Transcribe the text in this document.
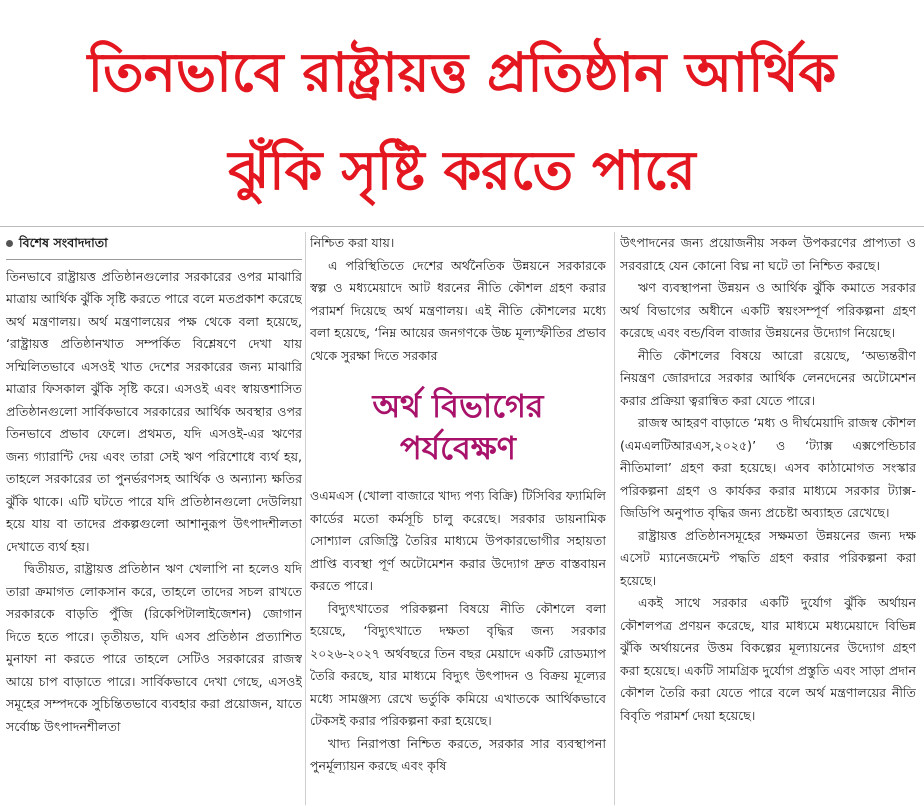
তিনভাবে রাষ্ট্রায়ত্ত প্রতিষ্ঠান আর্থিক
ঝুঁকি সৃষ্টি করতে পারে
বিশেষ সংবাদদাতা

তিনভাবে রাষ্ট্রায়ত্ত প্রতিষ্ঠানগুলোর সরকারের ওপর মাঝারি মাত্রায় আর্থিক ঝুঁকি সৃষ্টি করতে পারে বলে মতপ্রকাশ করেছে অর্থ মন্ত্রণালয়। অর্থ মন্ত্রণালয়ের পক্ষ থেকে বলা হয়েছে, ‘রাষ্ট্রায়ত্ত প্রতিষ্ঠানখাত সম্পর্কিত বিশ্লেষণে দেখা যায় সম্মিলিতভাবে এসওই খাত দেশের সরকারের জন্য মাঝারি মাত্রার ফিসকাল ঝুঁকি সৃষ্টি করে। এসওই এবং স্বায়ত্তশাসিত প্রতিষ্ঠানগুলো সার্বিকভাবে সরকারের আর্থিক অবস্থার ওপর তিনভাবে প্রভাব ফেলে। প্রথমত, যদি এসওই-এর ঋণের জন্য গ্যারান্টি দেয় এবং তারা সেই ঋণ পরিশোধে ব্যর্থ হয়, তাহলে সরকারের তা পুনর্ভরণসহ আর্থিক ও অন্যান্য ক্ষতির ঝুঁকি থাকে। এটি ঘটতে পারে যদি প্রতিষ্ঠানগুলো দেউলিয়া হয়ে যায় বা তাদের প্রকল্পগুলো আশানুরূপ উৎপাদশীলতা দেখাতে ব্যর্থ হয়।

দ্বিতীয়ত, রাষ্ট্রায়ত্ত প্রতিষ্ঠান ঋণ খেলাপি না হলেও যদি তারা ক্রমাগত লোকসান করে, তাহলে তাদের সচল রাখতে সরকারকে বাড়তি পুঁজি (রিকেপিটালাইজেশন) জোগান দিতে হতে পারে। তৃতীয়ত, যদি এসব প্রতিষ্ঠান প্রত্যাশিত মুনাফা না করতে পারে তাহলে সেটিও সরকারের রাজস্ব আয়ে চাপ বাড়াতে পারে। সার্বিকভাবে দেখা গেছে, এসওই সমূহের সম্পদকে সুচিন্তিতভাবে ব্যবহার করা প্রয়োজন, যাতে সর্বোচ্চ উৎপাদনশীলতা

নিশ্চিত করা যায়।

এ পরিস্থিতিতে দেশের অর্থনৈতিক উন্নয়নে সরকারকে স্বল্প ও মধ্যমেয়াদে আট ধরনের নীতি কৌশল গ্রহণ করার পরামর্শ দিয়েছে অর্থ মন্ত্রণালয়। এই নীতি কৌশলের মধ্যে বলা হয়েছে, ‘নিম্ন আয়ের জনগণকে উচ্চ মূল্যস্ফীতির প্রভাব থেকে সুরক্ষা দিতে সরকার

অর্থ বিভাগের
পর্যবেক্ষণ

ওএমএস (খোলা বাজারে খাদ্য পণ্য বিক্রি) টিসিবির ফ্যামিলি কার্ডের মতো কর্মসূচি চালু করেছে। সরকার ডায়নামিক সোশ্যাল রেজিস্ট্রি তৈরির মাধ্যমে উপকারভোগীর সহায়তা প্রাপ্তি ব্যবস্থা পূর্ণ অটোমেশন করার উদ্যোগ দ্রুত বাস্তবায়ন করতে পারে।

বিদ্যুৎখাতের পরিকল্পনা বিষয়ে নীতি কৌশলে বলা হয়েছে, ‘বিদ্যুৎখাতে দক্ষতা বৃদ্ধির জন্য সরকার ২০২৬-২০২৭ অর্থবছরে তিন বছর মেয়াদে একটি রোডম্যাপ তৈরি করছে, যার মাধ্যমে বিদ্যুৎ উৎপাদন ও বিক্রয় মূল্যের মধ্যে সামঞ্জস্য রেখে ভর্তুকি কমিয়ে এখাতকে আর্থিকভাবে টেকসই করার পরিকল্পনা করা হয়েছে।

খাদ্য নিরাপত্তা নিশ্চিত করতে, সরকার সার ব্যবস্থাপনা পুনর্মূল্যায়ন করছে এবং কৃষি

উৎপাদনের জন্য প্রয়োজনীয় সকল উপকরণের প্রাপ্যতা ও সরবরাহে যেন কোনো বিঘ্ন না ঘটে তা নিশ্চিত করছে।

ঋণ ব্যবস্থাপনা উন্নয়ন ও আর্থিক ঝুঁকি কমাতে সরকার অর্থ বিভাগের অধীনে একটি স্বয়ংসম্পূর্ণ পরিকল্পনা গ্রহণ করেছে এবং বন্ড/বিল বাজার উন্নয়নের উদ্যোগ নিয়েছে।

নীতি কৌশলের বিষয়ে আরো রয়েছে, ‘অভ্যন্তরীণ নিয়ন্ত্রণ জোরদারে সরকার আর্থিক লেনদেনের অটোমেশন করার প্রক্রিয়া ত্বরান্বিত করা যেতে পারে।

রাজস্ব আহরণ বাড়াতে ‘মধ্য ও দীর্ঘমেয়াদি রাজস্ব কৌশল (এমএলটিআরএস,২০২৫)’ ও ‘ট্যাক্স এক্সপেন্ডিচার নীতিমালা’ গ্রহণ করা হয়েছে। এসব কাঠামোগত সংস্কার পরিকল্পনা গ্রহণ ও কার্যকর করার মাধ্যমে সরকার ট্যাক্স-জিডিপি অনুপাত বৃদ্ধির জন্য প্রচেষ্টা অব্যাহত রেখেছে।

রাষ্ট্রায়ত্ত প্রতিষ্ঠানসমূহের সক্ষমতা উন্নয়নের জন্য দক্ষ এসেট ম্যানেজমেন্ট পদ্ধতি গ্রহণ করার পরিকল্পনা করা হয়েছে।

একই সাথে সরকার একটি দুর্যোগ ঝুঁকি অর্থায়ন কৌশলপত্র প্রণয়ন করেছে, যার মাধ্যমে মধ্যমেয়াদে বিভিন্ন ঝুঁকি অর্থায়নের উত্তম বিকল্পের মূল্যায়নের উদ্যোগ গ্রহণ করা হয়েছে। একটি সামগ্রিক দুর্যোগ প্রস্তুতি এবং সাড়া প্রদান কৌশল তৈরি করা যেতে পারে বলে অর্থ মন্ত্রণালয়ের নীতি বিবৃতি পরামর্শ দেয়া হয়েছে।
